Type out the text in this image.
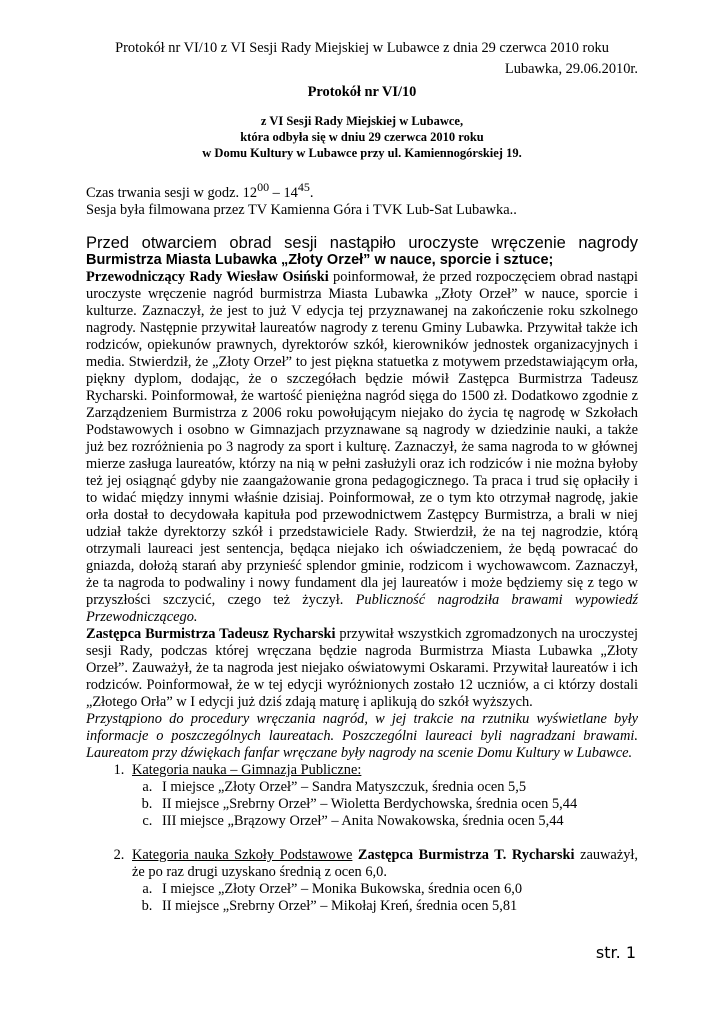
Protokół nr VI/10 z VI Sesji Rady Miejskiej w Lubawce z dnia 29 czerwca 2010 roku

Lubawka, 29.06.2010r.

Protokół nr VI/10

z VI Sesji Rady Miejskiej w Lubawce,
która odbyła się w dniu 29 czerwca 2010 roku
w Domu Kultury w Lubawce przy ul. Kamiennogórskiej 19.

Czas trwania sesji w godz. $12^{00} - 14^{45}$.

Sesja była filmowana przez TV Kamienna Góra i TVK Lub-Sat Lubawka..

Przed otwarciem obrad sesji nastąpiło uroczyste wręczenie nagrody

Burmistrza Miasta Lubawka „Złoty Orzeł” w nauce, sporcie i sztuce;

Przewodniczący Rady Wiesław Osiński poinformował, że przed rozpoczęciem obrad nastąpi uroczyste wręczenie nagród burmistrza Miasta Lubawka „Złoty Orzeł” w nauce, sporcie i kulturze. Zaznaczył, że jest to już V edycja tej przyznawanej na zakończenie roku szkolnego nagrody. Następnie przywitał laureatów nagrody z terenu Gminy Lubawka. Przywitał także ich rodziców, opiekunów prawnych, dyrektorów szkół, kierowników jednostek organizacyjnych i media. Stwierdził, że „Złoty Orzeł” to jest piękna statuetka z motywem przedstawiającym orła, piękny dyplom, dodając, że o szczegółach będzie mówił Zastępca Burmistrza Tadeusz Rycharski. Poinformował, że wartość pieniężna nagród sięga do 1500 zł. Dodatkowo zgodnie z Zarządzeniem Burmistrza z 2006 roku powołującym niejako do życia tę nagrodę w Szkołach Podstawowych i osobno w Gimnazjach przyznawane są nagrody w dziedzinie nauki, a także już bez rozróżnienia po 3 nagrody za sport i kulturę. Zaznaczył, że sama nagroda to w głównej mierze zasługa laureatów, którzy na nią w pełni zasłużyli oraz ich rodziców i nie można byłoby też jej osiągnąć gdyby nie zaangażowanie grona pedagogicznego. Ta praca i trud się opłaciły i to widać między innymi właśnie dzisiaj. Poinformował, ze o tym kto otrzymał nagrodę, jakie orła dostał to decydowała kapituła pod przewodnictwem Zastępcy Burmistrza, a brali w niej udział także dyrektorzy szkół i przedstawiciele Rady. Stwierdził, że na tej nagrodzie, którą otrzymali laureaci jest sentencja, będąca niejako ich oświadczeniem, że będą powracać do gniazda, dołożą starań aby przynieść splendor gminie, rodzicom i wychowawcom. Zaznaczył, że ta nagroda to podwaliny i nowy fundament dla jej laureatów i może będziemy się z tego w przyszłości szczycić, czego też życzył. Publiczność nagrodziła brawami wypowiedź Przewodniczącego.

Zastępca Burmistrza Tadeusz Rycharski przywitał wszystkich zgromadzonych na uroczystej sesji Rady, podczas której wręczana będzie nagroda Burmistrza Miasta Lubawka „Złoty Orzeł”. Zauważył, że ta nagroda jest niejako oświatowymi Oskarami. Przywitał laureatów i ich rodziców. Poinformował, że w tej edycji wyróżnionych zostało 12 uczniów, a ci którzy dostali „Złotego Orła” w I edycji już dziś zdają maturę i aplikują do szkół wyższych.

Przystąpiono do procedury wręczania nagród, w jej trakcie na rzutniku wyświetlane były informacje o poszczególnych laureatach. Poszczególni laureaci byli nagradzani brawami. Laureatom przy dźwiękach fanfar wręczane były nagrody na scenie Domu Kultury w Lubawce.

1. Kategoria nauka – Gimnazja Publiczne:
a. I miejsce „Złoty Orzeł” – Sandra Matyszczuk, średnia ocen 5,5
b. II miejsce „Srebrny Orzeł” – Wioletta Berdychowska, średnia ocen 5,44
c. III miejsce „Brązowy Orzeł” – Anita Nowakowska, średnia ocen 5,44
2. Kategoria nauka Szkoły Podstawowe Zastępca Burmistrza T. Rycharski zauważył, że po raz drugi uzyskano średnią z ocen 6,0.
a. I miejsce „Złoty Orzeł” – Monika Bukowska, średnia ocen 6,0
b. II miejsce „Srebrny Orzeł” – Mikołaj Kreń, średnia ocen 5,81
str. 1
